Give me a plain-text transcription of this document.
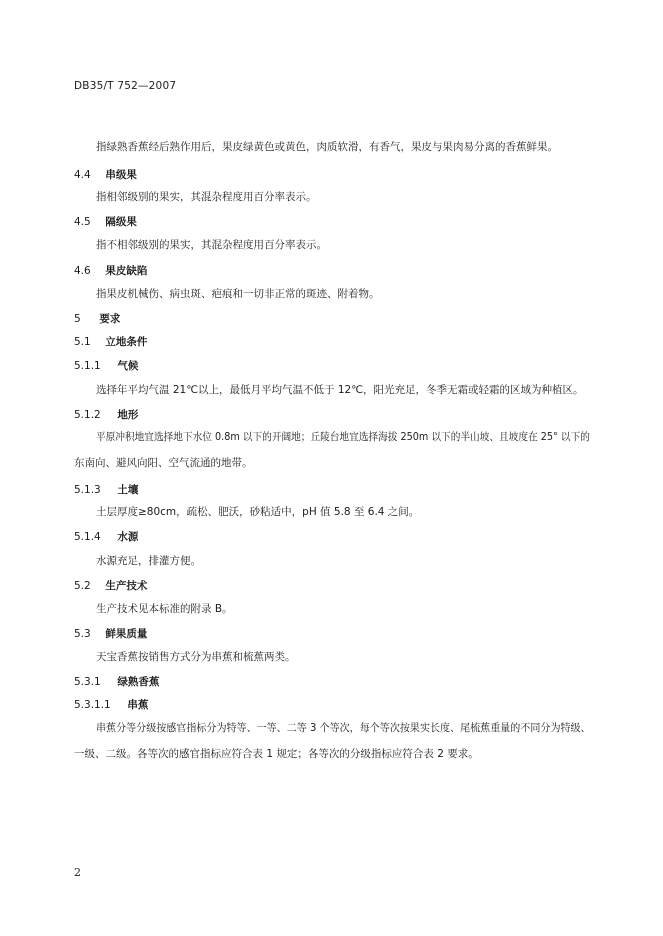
DB35/T 752—2007
指绿熟香蕉经后熟作用后，果皮绿黄色或黄色，肉质软滑，有香气，果皮与果肉易分离的香蕉鲜果。
4.4 串级果
指相邻级别的果实，其混杂程度用百分率表示。
4.5 隔级果
指不相邻级别的果实，其混杂程度用百分率表示。
4.6 果皮缺陷
指果皮机械伤、病虫斑、疤痕和一切非正常的斑迹、附着物。
5 要求
5.1 立地条件
5.1.1 气候
选择年平均气温 21℃以上，最低月平均气温不低于 12℃，阳光充足，冬季无霜或轻霜的区域为种植区。
5.1.2 地形
平原冲积地宜选择地下水位 0.8m 以下的开阔地；丘陵台地宜选择海拔 250m 以下的半山坡、且坡度在 25° 以下的
东南向、避风向阳、空气流通的地带。
5.1.3 土壤
土层厚度≥80cm，疏松、肥沃，砂粘适中，pH 值 5.8 至 6.4 之间。
5.1.4 水源
水源充足，排灌方便。
5.2 生产技术
生产技术见本标准的附录 B。
5.3 鲜果质量
天宝香蕉按销售方式分为串蕉和梳蕉两类。
5.3.1 绿熟香蕉
5.3.1.1 串蕉
串蕉分等分级按感官指标分为特等、一等、二等 3 个等次，每个等次按果实长度、尾梳蕉重量的不同分为特级、
一级、二级。各等次的感官指标应符合表 1 规定；各等次的分级指标应符合表 2 要求。
2
